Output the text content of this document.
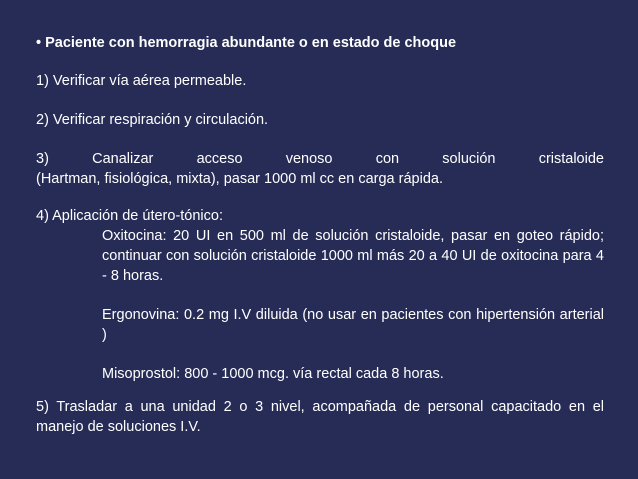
• Paciente con hemorragia abundante o en estado de choque
1) Verificar vía aérea permeable.
2) Verificar respiración y circulación.
3)	Canalizar	acceso	venoso	con	solución	cristaloide
(Hartman, fisiológica, mixta), pasar 1000 ml cc en carga rápida.
4) Aplicación de útero-tónico:
Oxitocina: 20 UI en 500 ml de solución cristaloide, pasar en goteo rápido; continuar con solución cristaloide 1000 ml más 20 a 40 UI de oxitocina para 4 - 8 horas.
Ergonovina: 0.2 mg I.V diluida (no usar en pacientes con hipertensión arterial )
Misoprostol: 800 - 1000 mcg. vía rectal cada 8 horas.
5) Trasladar a una unidad 2 o 3 nivel, acompañada de personal capacitado en el manejo de soluciones I.V.
